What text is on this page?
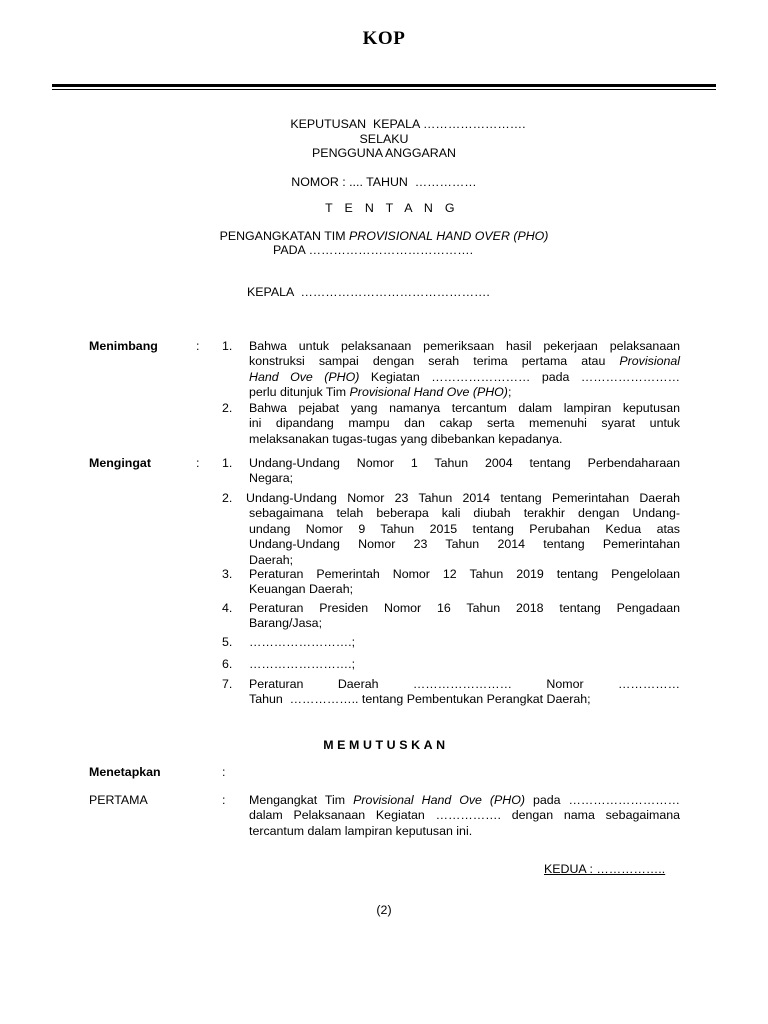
KOP
KEPUTUSAN  KEPALA …………………….
SELAKU
PENGGUNA ANGGARAN
NOMOR : .... TAHUN  ……………
T E N T A N G
PENGANGKATAN TIM PROVISIONAL HAND OVER (PHO)
PADA ………………………………….
KEPALA  ……………………………………….
Menimbang	: 1.	Bahwa untuk pelaksanaan pemeriksaan hasil pekerjaan pelaksanaan
konstruksi sampai dengan serah terima pertama atau Provisional
Hand Ove (PHO) Kegiatan …………………… pada ……………………
perlu ditunjuk Tim Provisional Hand Ove (PHO);
2.	Bahwa pejabat yang namanya tercantum dalam lampiran keputusan
ini dipandang mampu dan cakap serta memenuhi syarat untuk
melaksanakan tugas-tugas yang dibebankan kepadanya.
Mengingat	: 1.	Undang-Undang Nomor 1 Tahun 2004 tentang Perbendaharaan
Negara;
2.	Undang-Undang Nomor 23 Tahun 2014 tentang Pemerintahan Daerah
sebagaimana telah beberapa kali diubah terakhir dengan Undang-
undang Nomor 9 Tahun 2015 tentang Perubahan Kedua atas
Undang-Undang Nomor 23 Tahun 2014 tentang Pemerintahan
Daerah;
3.	Peraturan Pemerintah Nomor 12 Tahun 2019 tentang Pengelolaan
Keuangan Daerah;
4.	Peraturan Presiden Nomor 16 Tahun 2018 tentang Pengadaan
Barang/Jasa;
5.	…………………….;
6.	…………………….;
7.	Peraturan        Daerah        ……………………        Nomor        ……………
Tahun  …………….. tentang Pembentukan Perangkat Daerah;
MEMUTUSKAN
Menetapkan	:
PERTAMA	: Mengangkat Tim Provisional Hand Ove (PHO) pada ………………………
dalam Pelaksanaan Kegiatan ……………. dengan nama sebagaimana
tercantum dalam lampiran keputusan ini.
KEDUA : ……………..
(2)
